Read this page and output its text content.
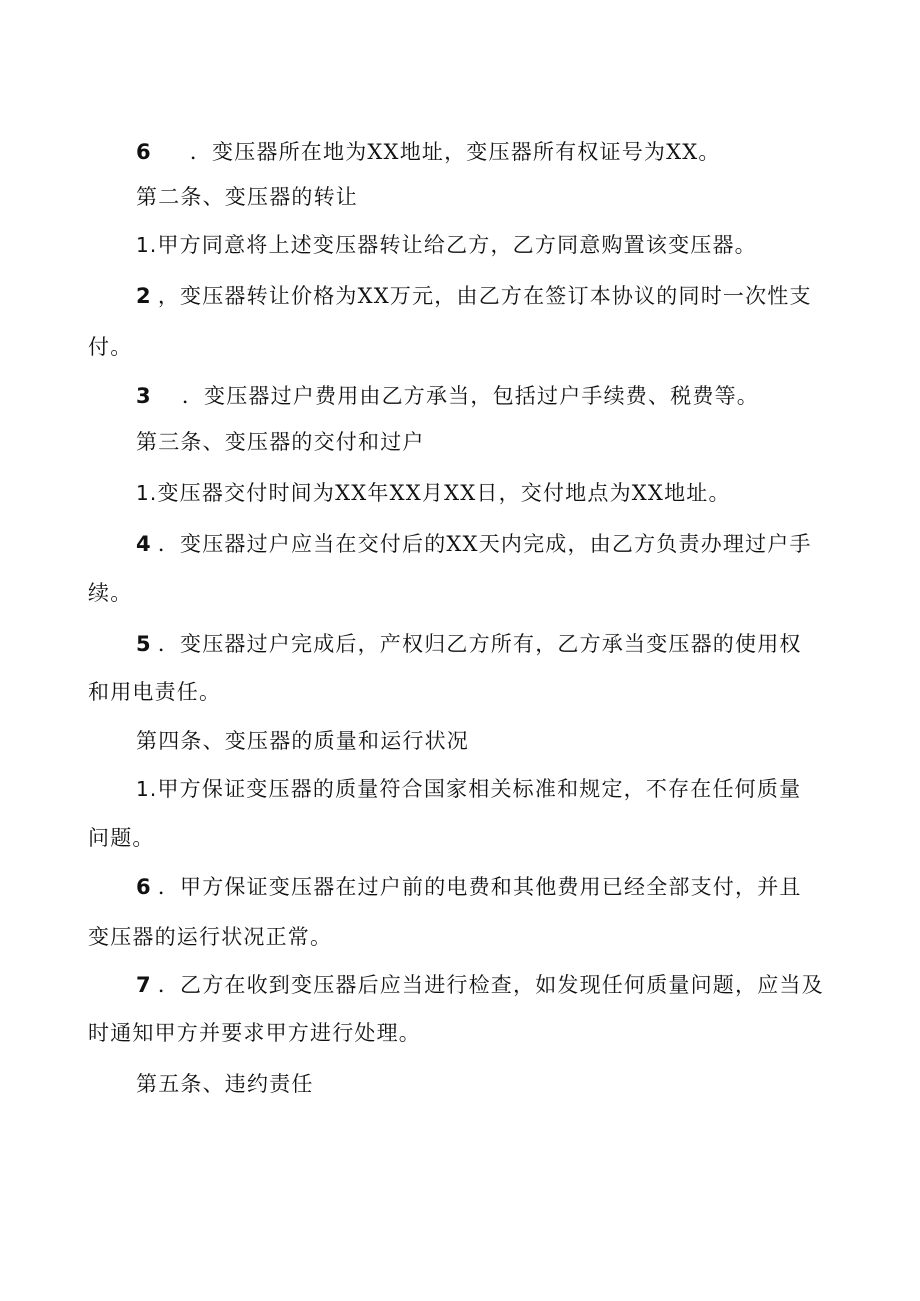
6 ．变压器所在地为XX地址，变压器所有权证号为XX。
第二条、变压器的转让
1.甲方同意将上述变压器转让给乙方，乙方同意购置该变压器。
2 ，变压器转让价格为XX万元，由乙方在签订本协议的同时一次性支
付。
3 ．变压器过户费用由乙方承当，包括过户手续费、税费等。
第三条、变压器的交付和过户
1.变压器交付时间为XX年XX月XX日，交付地点为XX地址。
4 ．变压器过户应当在交付后的XX天内完成，由乙方负责办理过户手
续。
5 ．变压器过户完成后，产权归乙方所有，乙方承当变压器的使用权
和用电责任。
第四条、变压器的质量和运行状况
1.甲方保证变压器的质量符合国家相关标准和规定，不存在任何质量
问题。
6 ．甲方保证变压器在过户前的电费和其他费用已经全部支付，并且
变压器的运行状况正常。
7 ．乙方在收到变压器后应当进行检查，如发现任何质量问题，应当及
时通知甲方并要求甲方进行处理。
第五条、违约责任
